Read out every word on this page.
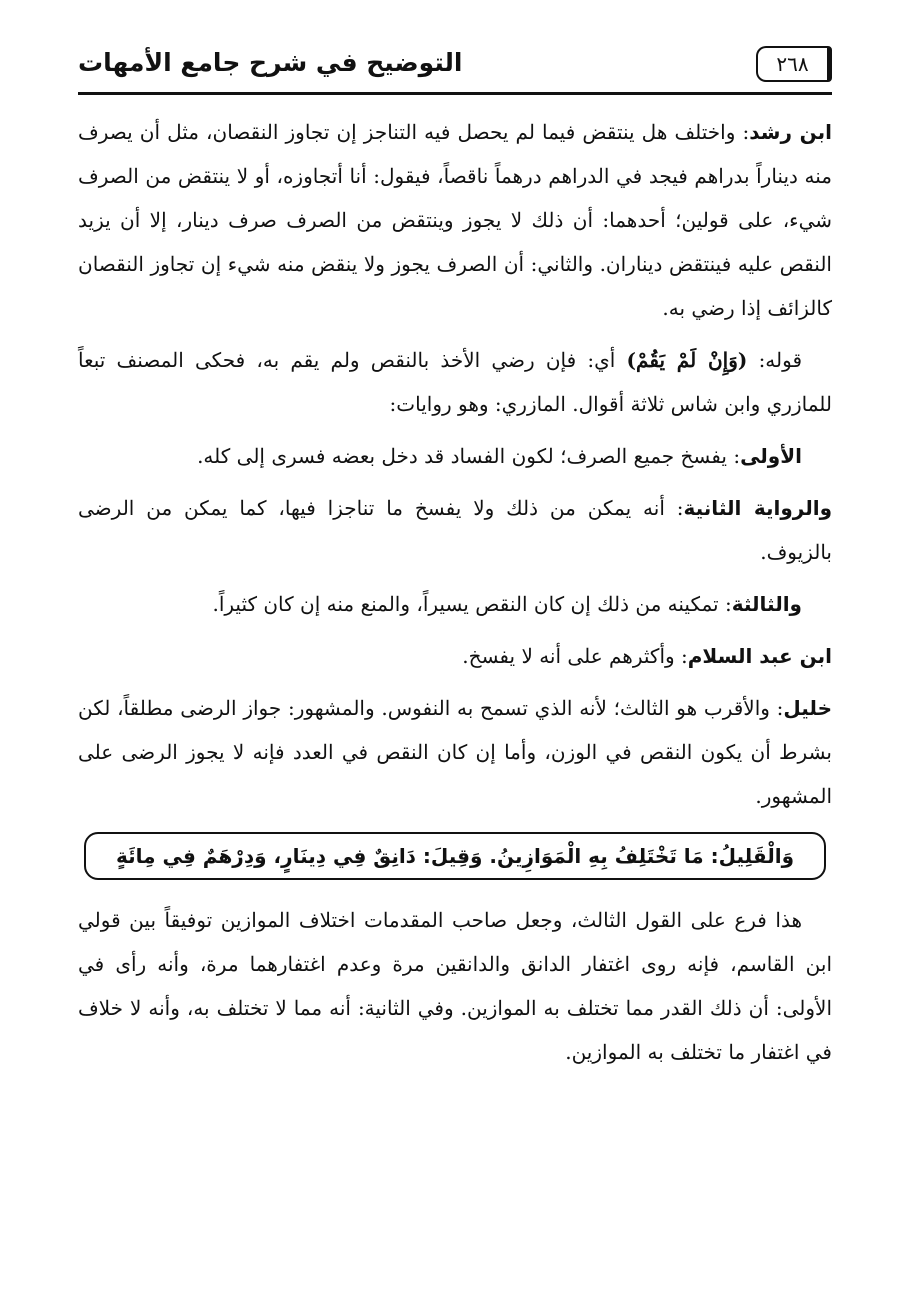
٢٦٨
التوضيح في شرح جامع الأمهات

ابن رشد: واختلف هل ينتقض فيما لم يحصل فيه التناجز إن تجاوز النقصان، مثل أن يصرف منه ديناراً بدراهم فيجد في الدراهم درهماً ناقصاً، فيقول: أنا أتجاوزه، أو لا ينتقض من الصرف شيء، على قولين؛ أحدهما: أن ذلك لا يجوز وينتقض من الصرف صرف دينار، إلا أن يزيد النقص عليه فينتقض ديناران. والثاني: أن الصرف يجوز ولا ينقض منه شيء إن تجاوز النقصان كالزائف إذا رضي به.

قوله: (وَإِنْ لَمْ يَقُمْ) أي: فإن رضي الأخذ بالنقص ولم يقم به، فحكى المصنف تبعاً للمازري وابن شاس ثلاثة أقوال. المازري: وهو روايات:

الأولى: يفسخ جميع الصرف؛ لكون الفساد قد دخل بعضه فسرى إلى كله.

والرواية الثانية: أنه يمكن من ذلك ولا يفسخ ما تناجزا فيها، كما يمكن من الرضى بالزيوف.

والثالثة: تمكينه من ذلك إن كان النقص يسيراً، والمنع منه إن كان كثيراً.

ابن عبد السلام: وأكثرهم على أنه لا يفسخ.

خليل: والأقرب هو الثالث؛ لأنه الذي تسمح به النفوس. والمشهور: جواز الرضى مطلقاً، لكن بشرط أن يكون النقص في الوزن، وأما إن كان النقص في العدد فإنه لا يجوز الرضى على المشهور.

وَالْقَلِيلُ: مَا تَخْتَلِفُ بِهِ الْمَوَازِينُ. وَقِيلَ: دَانِقٌ فِي دِينَارٍ، وَدِرْهَمٌ فِي مِائَةٍ

هذا فرع على القول الثالث، وجعل صاحب المقدمات اختلاف الموازين توفيقاً بين قولي ابن القاسم، فإنه روى اغتفار الدانق والدانقين مرة وعدم اغتفارهما مرة، وأنه رأى في الأولى: أن ذلك القدر مما تختلف به الموازين. وفي الثانية: أنه مما لا تختلف به، وأنه لا خلاف في اغتفار ما تختلف به الموازين.
